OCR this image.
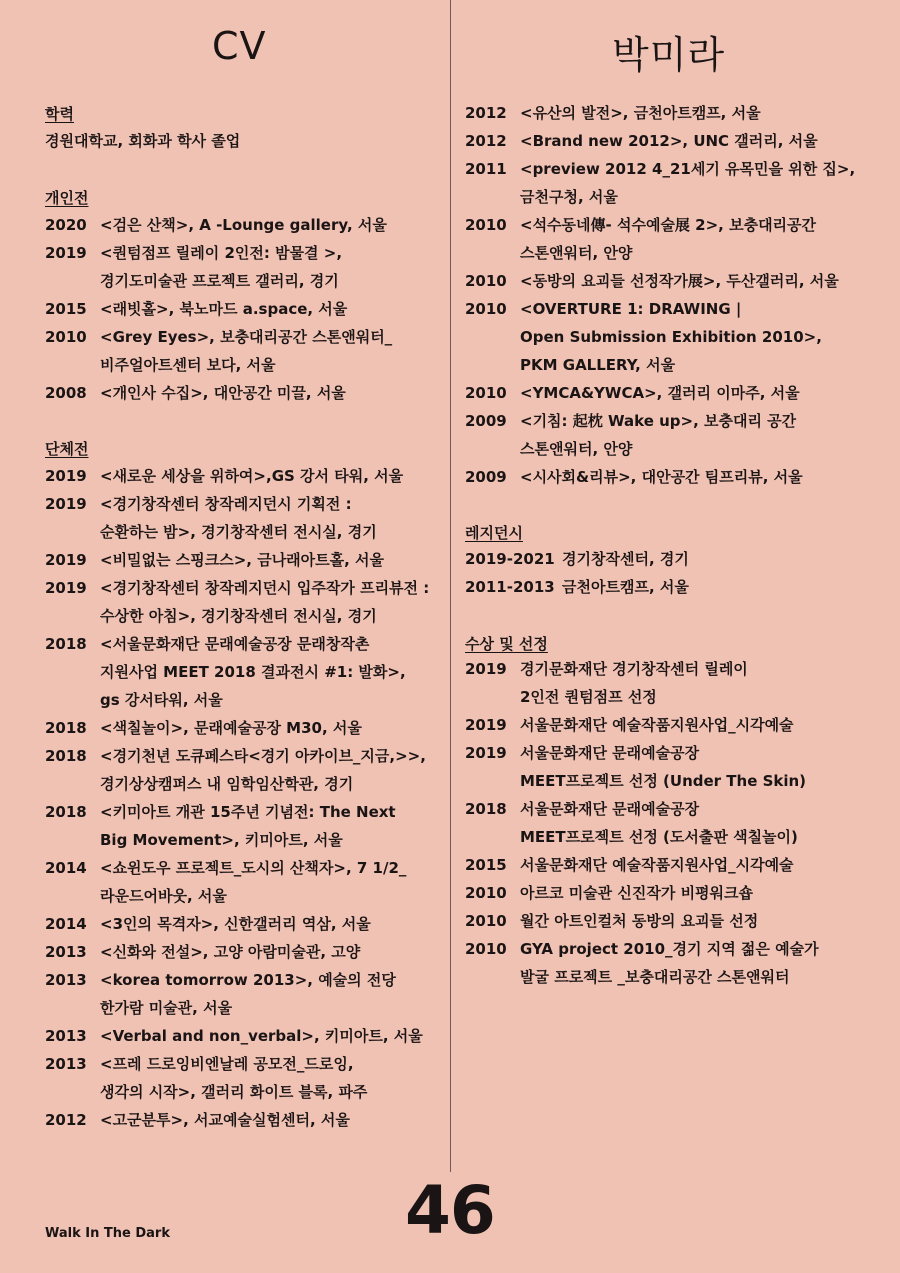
CV	박미라
학력
경원대학교, 회화과 학사 졸업
개인전
2020 <검은 산책>, A -Lounge gallery, 서울
2019 <퀀텀점프 릴레이 2인전: 밤물결 >,
경기도미술관 프로젝트 갤러리, 경기
2015 <래빗홀>, 북노마드 a.space, 서울
2010 <Grey Eyes>, 보충대리공간 스톤앤워터_
비주얼아트센터 보다, 서울
2008 <개인사 수집>, 대안공간 미끌, 서울
단체전
2019 <새로운 세상을 위하여>,GS 강서 타워, 서울
2019 <경기창작센터 창작레지던시 기획전 :
순환하는 밤>, 경기창작센터 전시실, 경기
2019 <비밀없는 스핑크스>, 금나래아트홀, 서울
2019 <경기창작센터 창작레지던시 입주작가 프리뷰전 :
수상한 아침>, 경기창작센터 전시실, 경기
2018 <서울문화재단 문래예술공장 문래창작촌
지원사업 MEET 2018 결과전시 #1: 발화>,
gs 강서타워, 서울
2018 <색칠놀이>, 문래예술공장 M30, 서울
2018 <경기천년 도큐페스타<경기 아카이브_지금,>>,
경기상상캠퍼스 내 임학임산학관, 경기
2018 <키미아트 개관 15주년 기념전: The Next
Big Movement>, 키미아트, 서울
2014 <쇼윈도우 프로젝트_도시의 산책자>, 7 1/2_
라운드어바웃, 서울
2014 <3인의 목격자>, 신한갤러리 역삼, 서울
2013 <신화와 전설>, 고양 아람미술관, 고양
2013 <korea tomorrow 2013>, 예술의 전당
한가람 미술관, 서울
2013 <Verbal and non_verbal>, 키미아트, 서울
2013 <프레 드로잉비엔날레 공모전_드로잉,
생각의 시작>, 갤러리 화이트 블록, 파주
2012 <고군분투>, 서교예술실험센터, 서울
2012 <유산의 발전>, 금천아트캠프, 서울
2012 <Brand new 2012>, UNC 갤러리, 서울
2011 <preview 2012 4_21세기 유목민을 위한 집>,
금천구청, 서울
2010 <석수동네傳- 석수예술展 2>, 보충대리공간
스톤앤워터, 안양
2010 <동방의 요괴들 선정작가展>, 두산갤러리, 서울
2010 <OVERTURE 1: DRAWING |
Open Submission Exhibition 2010>,
PKM GALLERY, 서울
2010 <YMCA&YWCA>, 갤러리 이마주, 서울
2009 <기침: 起枕 Wake up>, 보충대리 공간
스톤앤워터, 안양
2009 <시사회&리뷰>, 대안공간 팀프리뷰, 서울
레지던시
2019-2021 경기창작센터, 경기
2011-2013 금천아트캠프, 서울
수상 및 선정
2019 경기문화재단 경기창작센터 릴레이
2인전 퀀텀점프 선정
2019 서울문화재단 예술작품지원사업_시각예술
2019 서울문화재단 문래예술공장
MEET프로젝트 선정 (Under The Skin)
2018 서울문화재단 문래예술공장
MEET프로젝트 선정 (도서출판 색칠놀이)
2015 서울문화재단 예술작품지원사업_시각예술
2010 아르코 미술관 신진작가 비평워크숍
2010 월간 아트인컬처 동방의 요괴들 선정
2010 GYA project 2010_경기 지역 젊은 예술가
발굴 프로젝트 _보충대리공간 스톤앤워터
46
Walk In The Dark
